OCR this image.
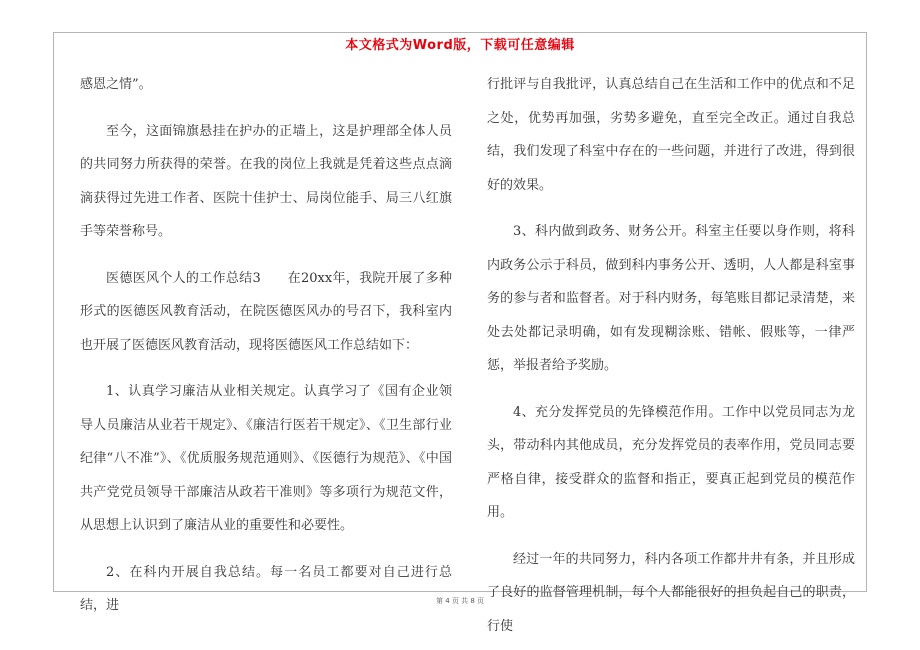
本文格式为Word版，下载可任意编辑

感恩之情”。

至今，这面锦旗悬挂在护办的正墙上，这是护理部全体人员的共同努力所获得的荣誉。在我的岗位上我就是凭着这些点点滴滴获得过先进工作者、医院十佳护士、局岗位能手、局三八红旗手等荣誉称号。

医德医风个人的工作总结3　　在20xx年，我院开展了多种形式的医德医风教育活动，在院医德医风办的号召下，我科室内也开展了医德医风教育活动，现将医德医风工作总结如下：

1、认真学习廉洁从业相关规定。认真学习了《国有企业领导人员廉洁从业若干规定》、《廉洁行医若干规定》、《卫生部行业纪律“八不准”》、《优质服务规范通则》、《医德行为规范》、《中国共产党党员领导干部廉洁从政若干准则》等多项行为规范文件，从思想上认识到了廉洁从业的重要性和必要性。

2、在科内开展自我总结。每一名员工都要对自己进行总结，进

行批评与自我批评，认真总结自己在生活和工作中的优点和不足之处，优势再加强，劣势多避免，直至完全改正。通过自我总结，我们发现了科室中存在的一些问题，并进行了改进，得到很好的效果。

3、科内做到政务、财务公开。科室主任要以身作则，将科内政务公示于科员，做到科内事务公开、透明，人人都是科室事务的参与者和监督者。对于科内财务，每笔账目都记录清楚，来处去处都记录明确，如有发现糊涂账、错帐、假账等，一律严惩，举报者给予奖励。

4、充分发挥党员的先锋模范作用。工作中以党员同志为龙头，带动科内其他成员，充分发挥党员的表率作用，党员同志要严格自律，接受群众的监督和指正，要真正起到党员的模范作用。

经过一年的共同努力，科内各项工作都井井有条，并且形成了良好的监督管理机制，每个人都能很好的担负起自己的职责，行使

第 4 页 共 8 页
